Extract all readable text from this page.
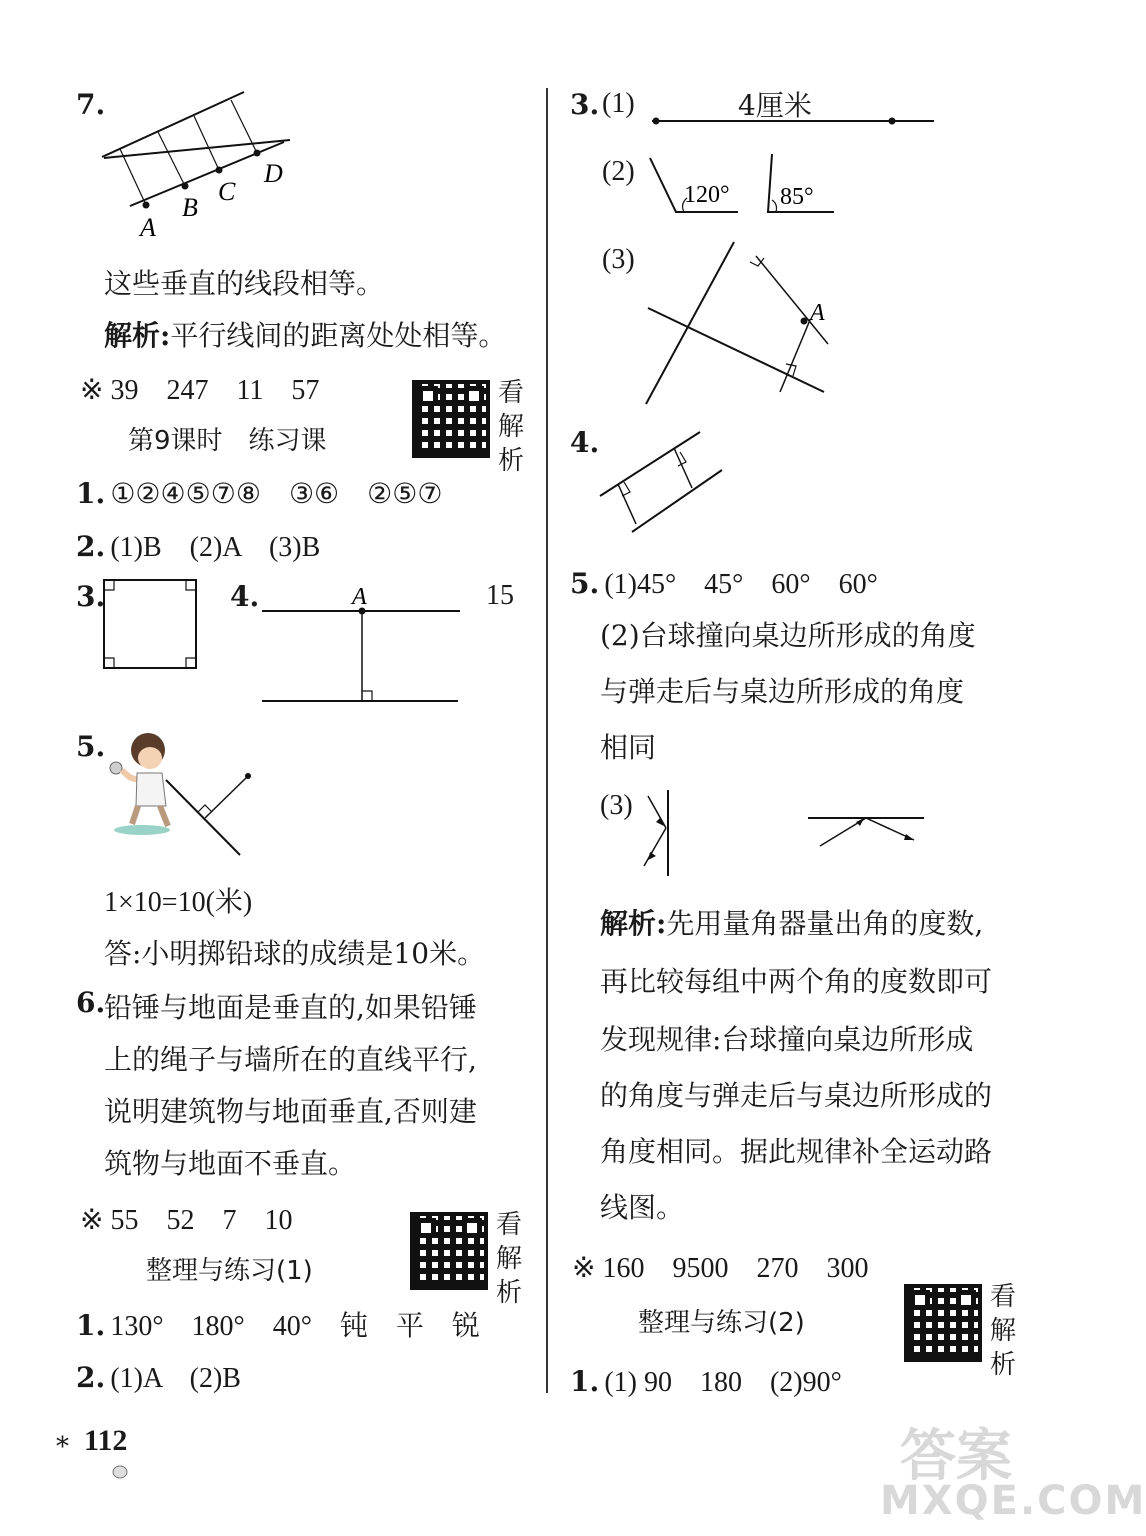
7.
A
B
C
D
这些垂直的线段相等。
解析:平行线间的距离处处相等。
※ 39　247　11　57	看解析
第9课时　练习课
1. ①②④⑤⑦⑧　③⑥　②⑤⑦
2. (1)B　(2)A　(3)B
3.	4.	A	15
5.
1×10=10(米)
答:小明掷铅球的成绩是10米。
6.
铅锤与地面是垂直的,如果铅锤
上的绳子与墙所在的直线平行,
说明建筑物与地面垂直,否则建
筑物与地面不垂直。
※ 55　52　7　10	看解析
整理与练习(1)
1. 130°　180°　40°　钝　平　锐
2. (1)A　(2)B
* 112
3. (1)	4厘米
120° 85°
A
(2)
(3)
4.
5. (1)45°　45°　60°　60°
(2)台球撞向桌边所形成的角度
与弹走后与桌边所形成的角度
相同
(3)
解析:先用量角器量出角的度数,
再比较每组中两个角的度数即可
发现规律:台球撞向桌边所形成
的角度与弹走后与桌边所形成的
角度相同。据此规律补全运动路
线图。
※ 160　9500　270　300
看解析
整理与练习(2)
1. (1) 90　180　(2)90°
答案
MXQE.COM
